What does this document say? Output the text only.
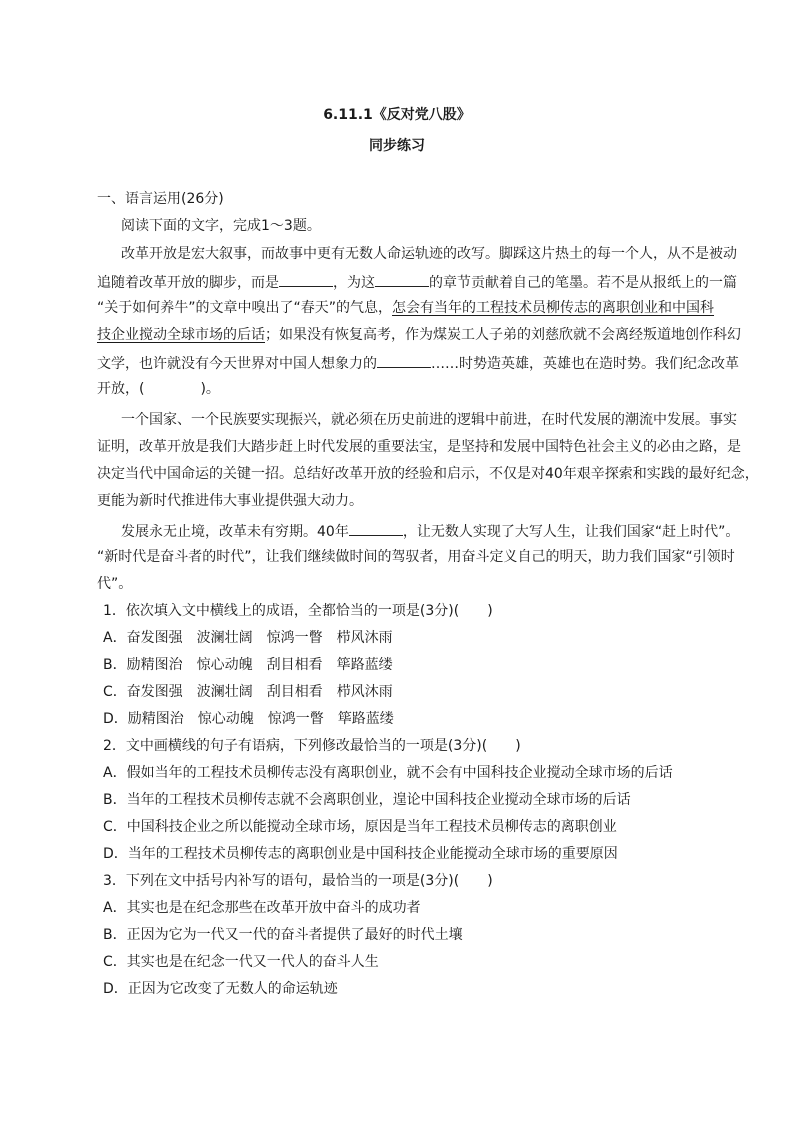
6.11.1《反对党八股》
同步练习
一、语言运用(26分)
阅读下面的文字，完成1～3题。
改革开放是宏大叙事，而故事中更有无数人命运轨迹的改写。脚踩这片热土的每一个人，从不是被动
追随着改革开放的脚步，而是	，为这	的章节贡献着自己的笔墨。若不是从报纸上的一篇
“关于如何养牛”的文章中嗅出了“春天”的气息，怎会有当年的工程技术员柳传志的离职创业和中国科
技企业搅动全球市场的后话；如果没有恢复高考，作为煤炭工人子弟的刘慈欣就不会离经叛道地创作科幻
文学，也许就没有今天世界对中国人想象力的	……时势造英雄，英雄也在造时势。我们纪念改革
开放，(	)。
一个国家、一个民族要实现振兴，就必须在历史前进的逻辑中前进，在时代发展的潮流中发展。事实
证明，改革开放是我们大踏步赶上时代发展的重要法宝，是坚持和发展中国特色社会主义的必由之路，是
决定当代中国命运的关键一招。总结好改革开放的经验和启示，不仅是对40年艰辛探索和实践的最好纪念，
更能为新时代推进伟大事业提供强大动力。
发展永无止境，改革未有穷期。40年	，让无数人实现了大写人生，让我们国家“赶上时代”。
“新时代是奋斗者的时代”，让我们继续做时间的驾驭者，用奋斗定义自己的明天，助力我们国家“引领时
代”。
1．依次填入文中横线上的成语，全都恰当的一项是(3分)(　　)
A．奋发图强　波澜壮阔　惊鸿一瞥　栉风沐雨
B．励精图治　惊心动魄　刮目相看　筚路蓝缕
C．奋发图强　波澜壮阔　刮目相看　栉风沐雨
D．励精图治　惊心动魄　惊鸿一瞥　筚路蓝缕
2．文中画横线的句子有语病，下列修改最恰当的一项是(3分)(　　)
A．假如当年的工程技术员柳传志没有离职创业，就不会有中国科技企业搅动全球市场的后话
B．当年的工程技术员柳传志就不会离职创业，遑论中国科技企业搅动全球市场的后话
C．中国科技企业之所以能搅动全球市场，原因是当年工程技术员柳传志的离职创业
D．当年的工程技术员柳传志的离职创业是中国科技企业能搅动全球市场的重要原因
3．下列在文中括号内补写的语句，最恰当的一项是(3分)(　　)
A．其实也是在纪念那些在改革开放中奋斗的成功者
B．正因为它为一代又一代的奋斗者提供了最好的时代土壤
C．其实也是在纪念一代又一代人的奋斗人生
D．正因为它改变了无数人的命运轨迹
